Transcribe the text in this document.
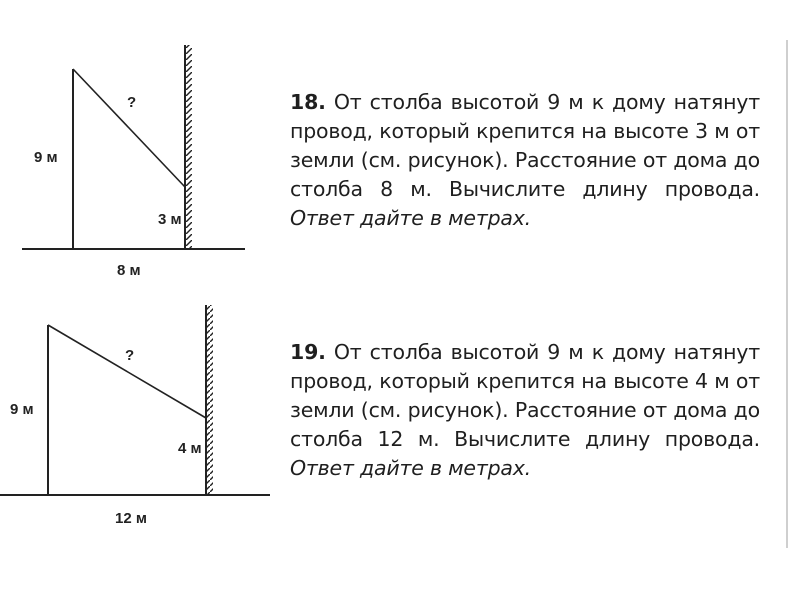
9 м
3 м
8 м
?
9 м
4 м
12 м
?
18. От столба высотой 9 м к дому натянут провод, который крепится на высоте 3 м от земли (см. рисунок). Расстояние от дома до столба 8 м. Вычислите длину провода. Ответ дайте в метрах.
19. От столба высотой 9 м к дому натянут провод, который крепится на высоте 4 м от земли (см. рисунок). Расстояние от дома до столба 12 м. Вычислите длину провода. Ответ дайте в метрах.
